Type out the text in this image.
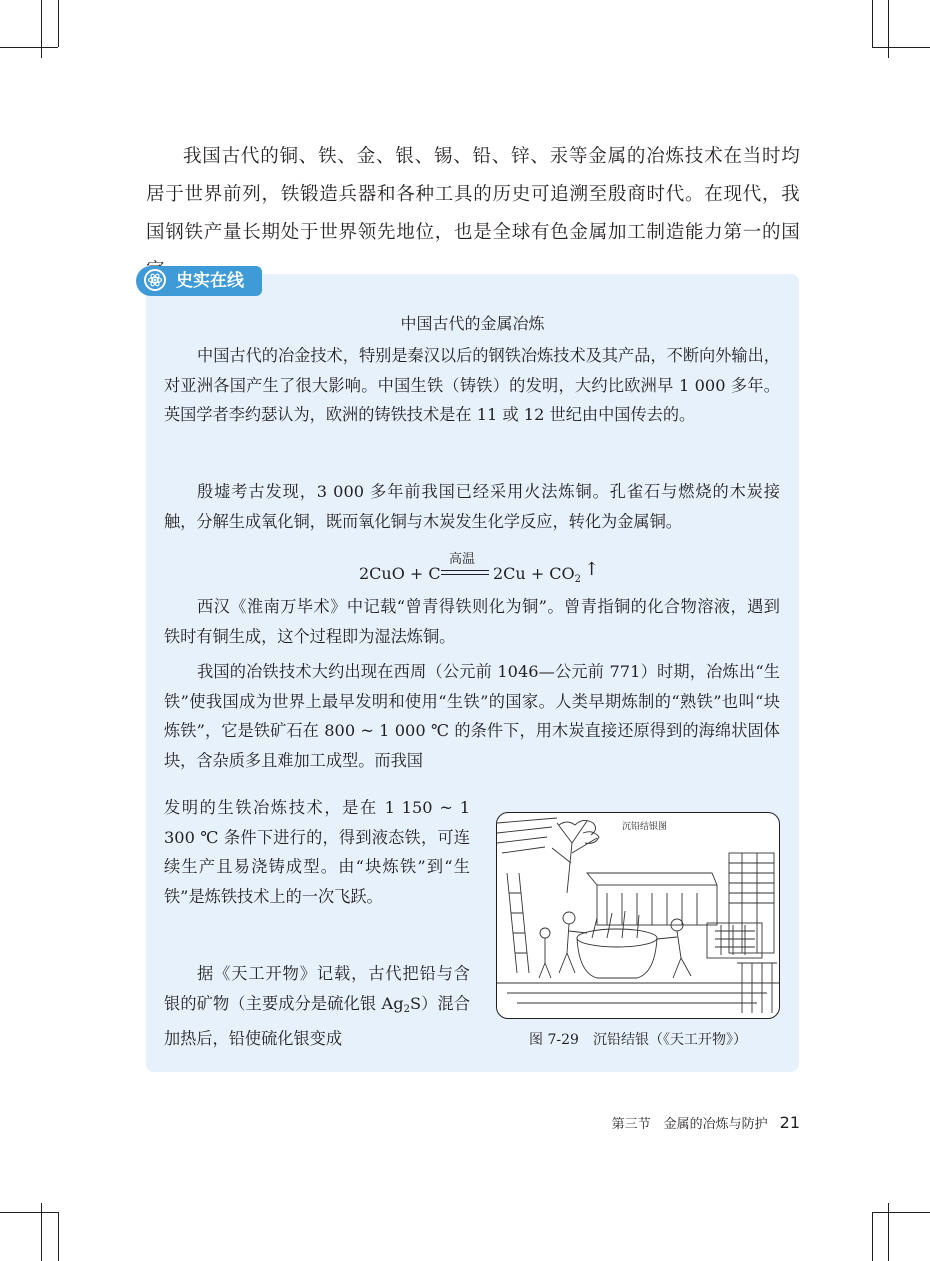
我国古代的铜、铁、金、银、锡、铅、锌、汞等金属的冶炼技术在当时均居于世界前列，铁锻造兵器和各种工具的历史可追溯至殷商时代。在现代，我国钢铁产量长期处于世界领先地位，也是全球有色金属加工制造能力第一的国

史实在线
中国古代的金属冶炼

中国古代的冶金技术，特别是秦汉以后的钢铁冶炼技术及其产品，不断向外输出，对亚洲各国产生了很大影响。中国生铁（铸铁）的发明，大约比欧洲早 1 000 多年。英国学者李约瑟认为，欧洲的铸铁技术是在 11 或 12 世纪由中国传去的。

殷墟考古发现，3 000 多年前我国已经采用火法炼铜。孔雀石与燃烧的木炭接触，分解生成氧化铜，既而氧化铜与木炭发生化学反应，转化为金属铜。

2CuO + C
高温
$2Cu + CO_2$ ↑

西汉《淮南万毕术》中记载“曾青得铁则化为铜”。曾青指铜的化合物溶液，遇到铁时有铜生成，这个过程即为湿法炼铜。

我国的冶铁技术大约出现在西周（公元前 1046—公元前 771）时期，冶炼出“生铁”使我国成为世界上最早发明和使用“生铁”的国家。人类早期炼制的“熟铁”也叫“块炼铁”，它是铁矿石在 800 ~ 1 000 ℃ 的条件下，用木炭直接还原得到的海绵状固体块，含杂质多且难加工成型。而我国

发明的生铁冶炼技术，是在 1 150 ~ 1 300 ℃ 条件下进行的，得到液态铁，可连续生产且易浇铸成型。由“块炼铁”到“生铁”是炼铁技术上的一次飞跃。

据《天工开物》记载，古代把铅与含银的矿物（主要成分是硫化银 $Ag_2S$）混合加热后，铅使硫化银变成

沉铅结银图
图 7-29　沉铅结银（《天工开物》）
第三节　金属的冶炼与防护 21
